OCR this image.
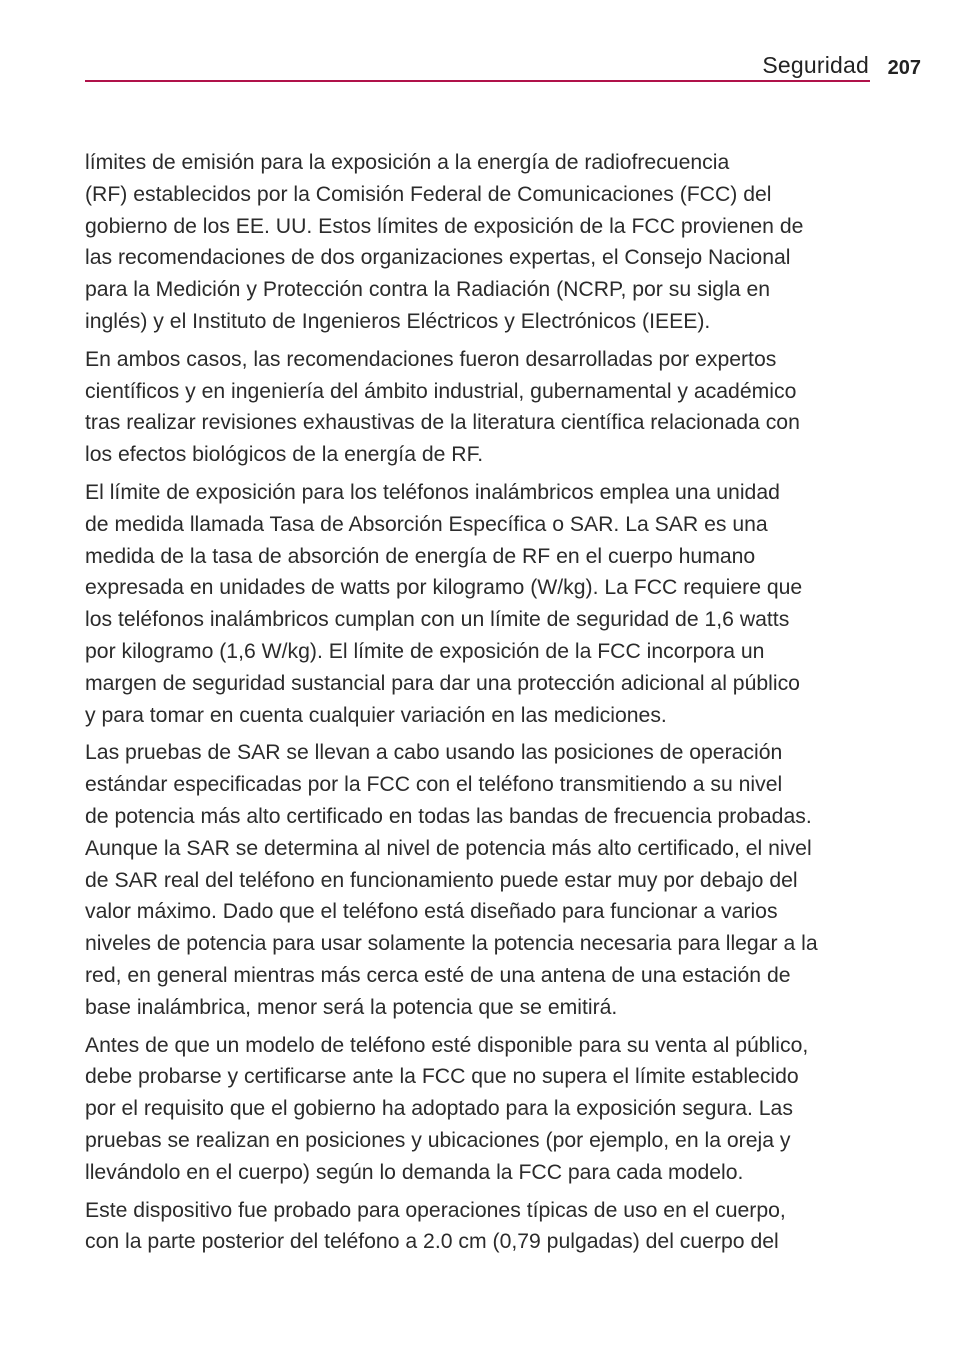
Seguridad 207

límites de emisión para la exposición a la energía de radiofrecuencia
(RF) establecidos por la Comisión Federal de Comunicaciones (FCC) del
gobierno de los EE. UU. Estos límites de exposición de la FCC provienen de
las recomendaciones de dos organizaciones expertas, el Consejo Nacional
para la Medición y Protección contra la Radiación (NCRP, por su sigla en
inglés) y el Instituto de Ingenieros Eléctricos y Electrónicos (IEEE).

En ambos casos, las recomendaciones fueron desarrolladas por expertos
científicos y en ingeniería del ámbito industrial, gubernamental y académico
tras realizar revisiones exhaustivas de la literatura científica relacionada con
los efectos biológicos de la energía de RF.

El límite de exposición para los teléfonos inalámbricos emplea una unidad
de medida llamada Tasa de Absorción Específica o SAR. La SAR es una
medida de la tasa de absorción de energía de RF en el cuerpo humano
expresada en unidades de watts por kilogramo (W/kg). La FCC requiere que
los teléfonos inalámbricos cumplan con un límite de seguridad de 1,6 watts
por kilogramo (1,6 W/kg). El límite de exposición de la FCC incorpora un
margen de seguridad sustancial para dar una protección adicional al público
y para tomar en cuenta cualquier variación en las mediciones.

Las pruebas de SAR se llevan a cabo usando las posiciones de operación
estándar especificadas por la FCC con el teléfono transmitiendo a su nivel
de potencia más alto certificado en todas las bandas de frecuencia probadas.
Aunque la SAR se determina al nivel de potencia más alto certificado, el nivel
de SAR real del teléfono en funcionamiento puede estar muy por debajo del
valor máximo. Dado que el teléfono está diseñado para funcionar a varios
niveles de potencia para usar solamente la potencia necesaria para llegar a la
red, en general mientras más cerca esté de una antena de una estación de
base inalámbrica, menor será la potencia que se emitirá.

Antes de que un modelo de teléfono esté disponible para su venta al público,
debe probarse y certificarse ante la FCC que no supera el límite establecido
por el requisito que el gobierno ha adoptado para la exposición segura. Las
pruebas se realizan en posiciones y ubicaciones (por ejemplo, en la oreja y
llevándolo en el cuerpo) según lo demanda la FCC para cada modelo.

Este dispositivo fue probado para operaciones típicas de uso en el cuerpo,
con la parte posterior del teléfono a 2.0 cm (0,79 pulgadas) del cuerpo del
